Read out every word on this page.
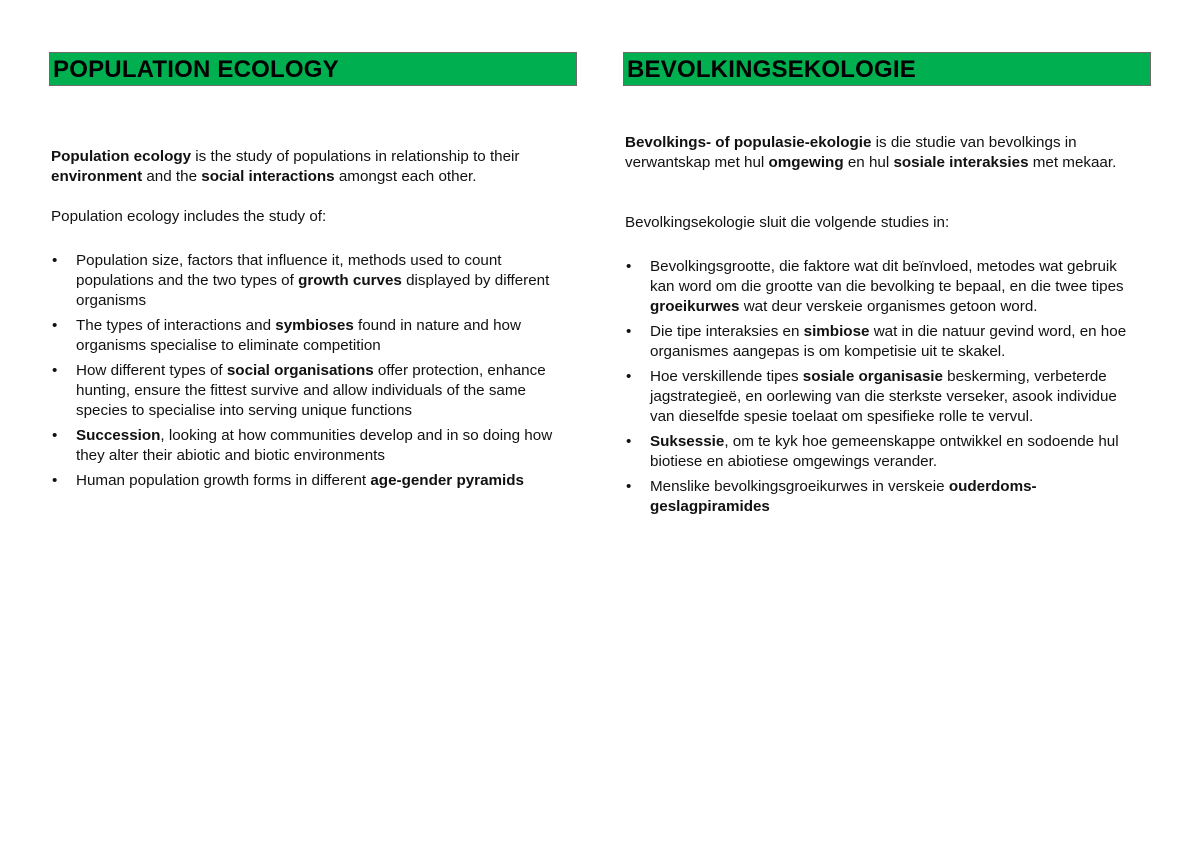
POPULATION ECOLOGY

Population ecology is the study of populations in relationship to their environment and the social interactions amongst each other.

Population ecology includes the study of:

• Population size, factors that influence it, methods used to count populations and the two types of growth curves displayed by different organisms
• The types of interactions and symbioses found in nature and how organisms specialise to eliminate competition
• How different types of social organisations offer protection, enhance hunting, ensure the fittest survive and allow individuals of the same species to specialise into serving unique functions
• Succession, looking at how communities develop and in so doing how they alter their abiotic and biotic environments
• Human population growth forms in different age-gender pyramids
BEVOLKINGSEKOLOGIE

Bevolkings- of populasie-ekologie is die studie van bevolkings in verwantskap met hul omgewing en hul sosiale interaksies met mekaar.

Bevolkingsekologie sluit die volgende studies in:

• Bevolkingsgrootte, die faktore wat dit beïnvloed, metodes wat gebruik kan word om die grootte van die bevolking te bepaal, en die twee tipes groeikurwes wat deur verskeie organismes getoon word.
• Die tipe interaksies en simbiose wat in die natuur gevind word, en hoe organismes aangepas is om kompetisie uit te skakel.
• Hoe verskillende tipes sosiale organisasie beskerming, verbeterde jagstrategieë, en oorlewing van die sterkste verseker, asook individue van dieselfde spesie toelaat om spesifieke rolle te vervul.
• Suksessie, om te kyk hoe gemeenskappe ontwikkel en sodoende hul biotiese en abiotiese omgewings verander.
• Menslike bevolkingsgroeikurwes in verskeie ouderdoms-geslagpiramides
